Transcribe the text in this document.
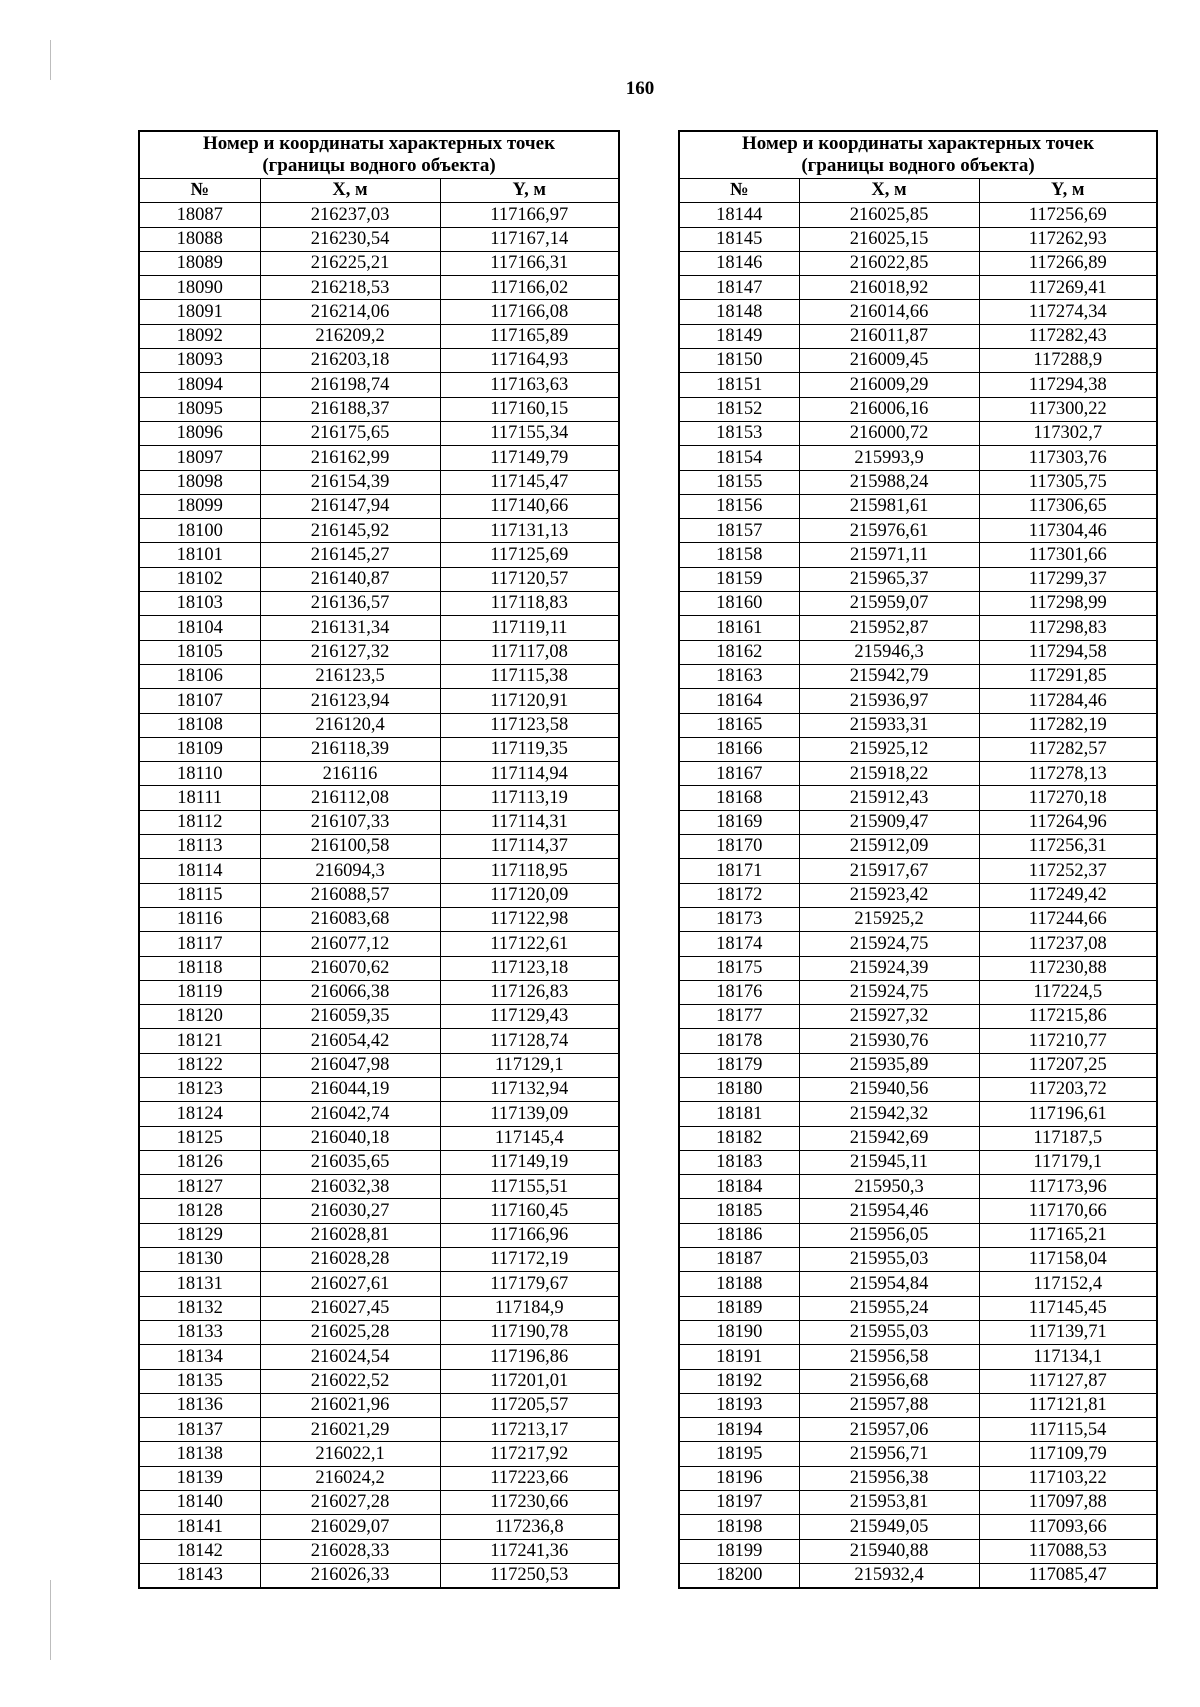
160
Номер и координаты характерных точек
(границы водного объекта)		
№	X, м	Y, м
18087	216237,03	117166,97
18088	216230,54	117167,14
18089	216225,21	117166,31
18090	216218,53	117166,02
18091	216214,06	117166,08
18092	216209,2	117165,89
18093	216203,18	117164,93
18094	216198,74	117163,63
18095	216188,37	117160,15
18096	216175,65	117155,34
18097	216162,99	117149,79
18098	216154,39	117145,47
18099	216147,94	117140,66
18100	216145,92	117131,13
18101	216145,27	117125,69
18102	216140,87	117120,57
18103	216136,57	117118,83
18104	216131,34	117119,11
18105	216127,32	117117,08
18106	216123,5	117115,38
18107	216123,94	117120,91
18108	216120,4	117123,58
18109	216118,39	117119,35
18110	216116	117114,94
18111	216112,08	117113,19
18112	216107,33	117114,31
18113	216100,58	117114,37
18114	216094,3	117118,95
18115	216088,57	117120,09
18116	216083,68	117122,98
18117	216077,12	117122,61
18118	216070,62	117123,18
18119	216066,38	117126,83
18120	216059,35	117129,43
18121	216054,42	117128,74
18122	216047,98	117129,1
18123	216044,19	117132,94
18124	216042,74	117139,09
18125	216040,18	117145,4
18126	216035,65	117149,19
18127	216032,38	117155,51
18128	216030,27	117160,45
18129	216028,81	117166,96
18130	216028,28	117172,19
18131	216027,61	117179,67
18132	216027,45	117184,9
18133	216025,28	117190,78
18134	216024,54	117196,86
18135	216022,52	117201,01
18136	216021,96	117205,57
18137	216021,29	117213,17
18138	216022,1	117217,92
18139	216024,2	117223,66
18140	216027,28	117230,66
18141	216029,07	117236,8
18142	216028,33	117241,36
18143	216026,33	117250,53
Номер и координаты характерных точек
(границы водного объекта)		
№	X, м	Y, м
18144	216025,85	117256,69
18145	216025,15	117262,93
18146	216022,85	117266,89
18147	216018,92	117269,41
18148	216014,66	117274,34
18149	216011,87	117282,43
18150	216009,45	117288,9
18151	216009,29	117294,38
18152	216006,16	117300,22
18153	216000,72	117302,7
18154	215993,9	117303,76
18155	215988,24	117305,75
18156	215981,61	117306,65
18157	215976,61	117304,46
18158	215971,11	117301,66
18159	215965,37	117299,37
18160	215959,07	117298,99
18161	215952,87	117298,83
18162	215946,3	117294,58
18163	215942,79	117291,85
18164	215936,97	117284,46
18165	215933,31	117282,19
18166	215925,12	117282,57
18167	215918,22	117278,13
18168	215912,43	117270,18
18169	215909,47	117264,96
18170	215912,09	117256,31
18171	215917,67	117252,37
18172	215923,42	117249,42
18173	215925,2	117244,66
18174	215924,75	117237,08
18175	215924,39	117230,88
18176	215924,75	117224,5
18177	215927,32	117215,86
18178	215930,76	117210,77
18179	215935,89	117207,25
18180	215940,56	117203,72
18181	215942,32	117196,61
18182	215942,69	117187,5
18183	215945,11	117179,1
18184	215950,3	117173,96
18185	215954,46	117170,66
18186	215956,05	117165,21
18187	215955,03	117158,04
18188	215954,84	117152,4
18189	215955,24	117145,45
18190	215955,03	117139,71
18191	215956,58	117134,1
18192	215956,68	117127,87
18193	215957,88	117121,81
18194	215957,06	117115,54
18195	215956,71	117109,79
18196	215956,38	117103,22
18197	215953,81	117097,88
18198	215949,05	117093,66
18199	215940,88	117088,53
18200	215932,4	117085,47
